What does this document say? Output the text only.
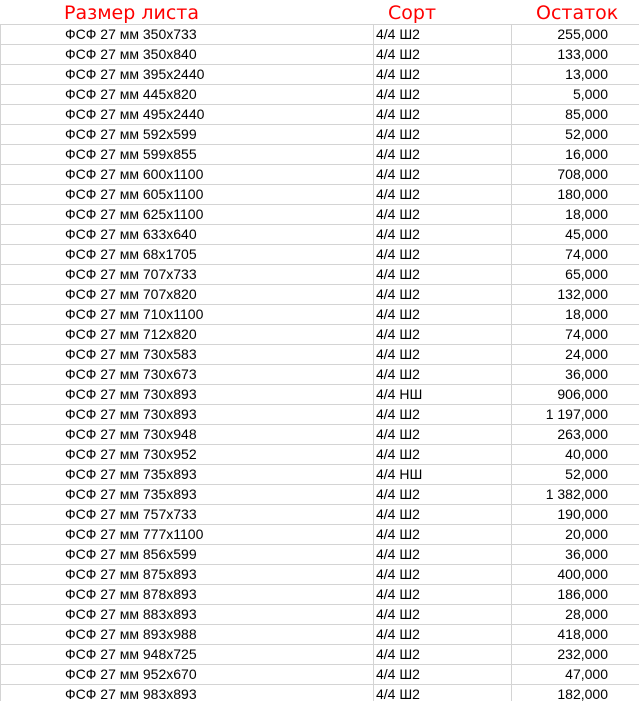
Размер листа	Сорт	Остаток
ФСФ 27 мм 350x733	4/4 Ш2	255,000
ФСФ 27 мм 350x840	4/4 Ш2	133,000
ФСФ 27 мм 395x2440	4/4 Ш2	13,000
ФСФ 27 мм 445x820	4/4 Ш2	5,000
ФСФ 27 мм 495x2440	4/4 Ш2	85,000
ФСФ 27 мм 592x599	4/4 Ш2	52,000
ФСФ 27 мм 599x855	4/4 Ш2	16,000
ФСФ 27 мм 600x1100	4/4 Ш2	708,000
ФСФ 27 мм 605x1100	4/4 Ш2	180,000
ФСФ 27 мм 625x1100	4/4 Ш2	18,000
ФСФ 27 мм 633x640	4/4 Ш2	45,000
ФСФ 27 мм 68x1705	4/4 Ш2	74,000
ФСФ 27 мм 707x733	4/4 Ш2	65,000
ФСФ 27 мм 707x820	4/4 Ш2	132,000
ФСФ 27 мм 710x1100	4/4 Ш2	18,000
ФСФ 27 мм 712x820	4/4 Ш2	74,000
ФСФ 27 мм 730x583	4/4 Ш2	24,000
ФСФ 27 мм 730x673	4/4 Ш2	36,000
ФСФ 27 мм 730x893	4/4 НШ	906,000
ФСФ 27 мм 730x893	4/4 Ш2	1 197,000
ФСФ 27 мм 730x948	4/4 Ш2	263,000
ФСФ 27 мм 730x952	4/4 Ш2	40,000
ФСФ 27 мм 735x893	4/4 НШ	52,000
ФСФ 27 мм 735x893	4/4 Ш2	1 382,000
ФСФ 27 мм 757x733	4/4 Ш2	190,000
ФСФ 27 мм 777x1100	4/4 Ш2	20,000
ФСФ 27 мм 856x599	4/4 Ш2	36,000
ФСФ 27 мм 875x893	4/4 Ш2	400,000
ФСФ 27 мм 878x893	4/4 Ш2	186,000
ФСФ 27 мм 883x893	4/4 Ш2	28,000
ФСФ 27 мм 893x988	4/4 Ш2	418,000
ФСФ 27 мм 948x725	4/4 Ш2	232,000
ФСФ 27 мм 952x670	4/4 Ш2	47,000
ФСФ 27 мм 983x893	4/4 Ш2	182,000
